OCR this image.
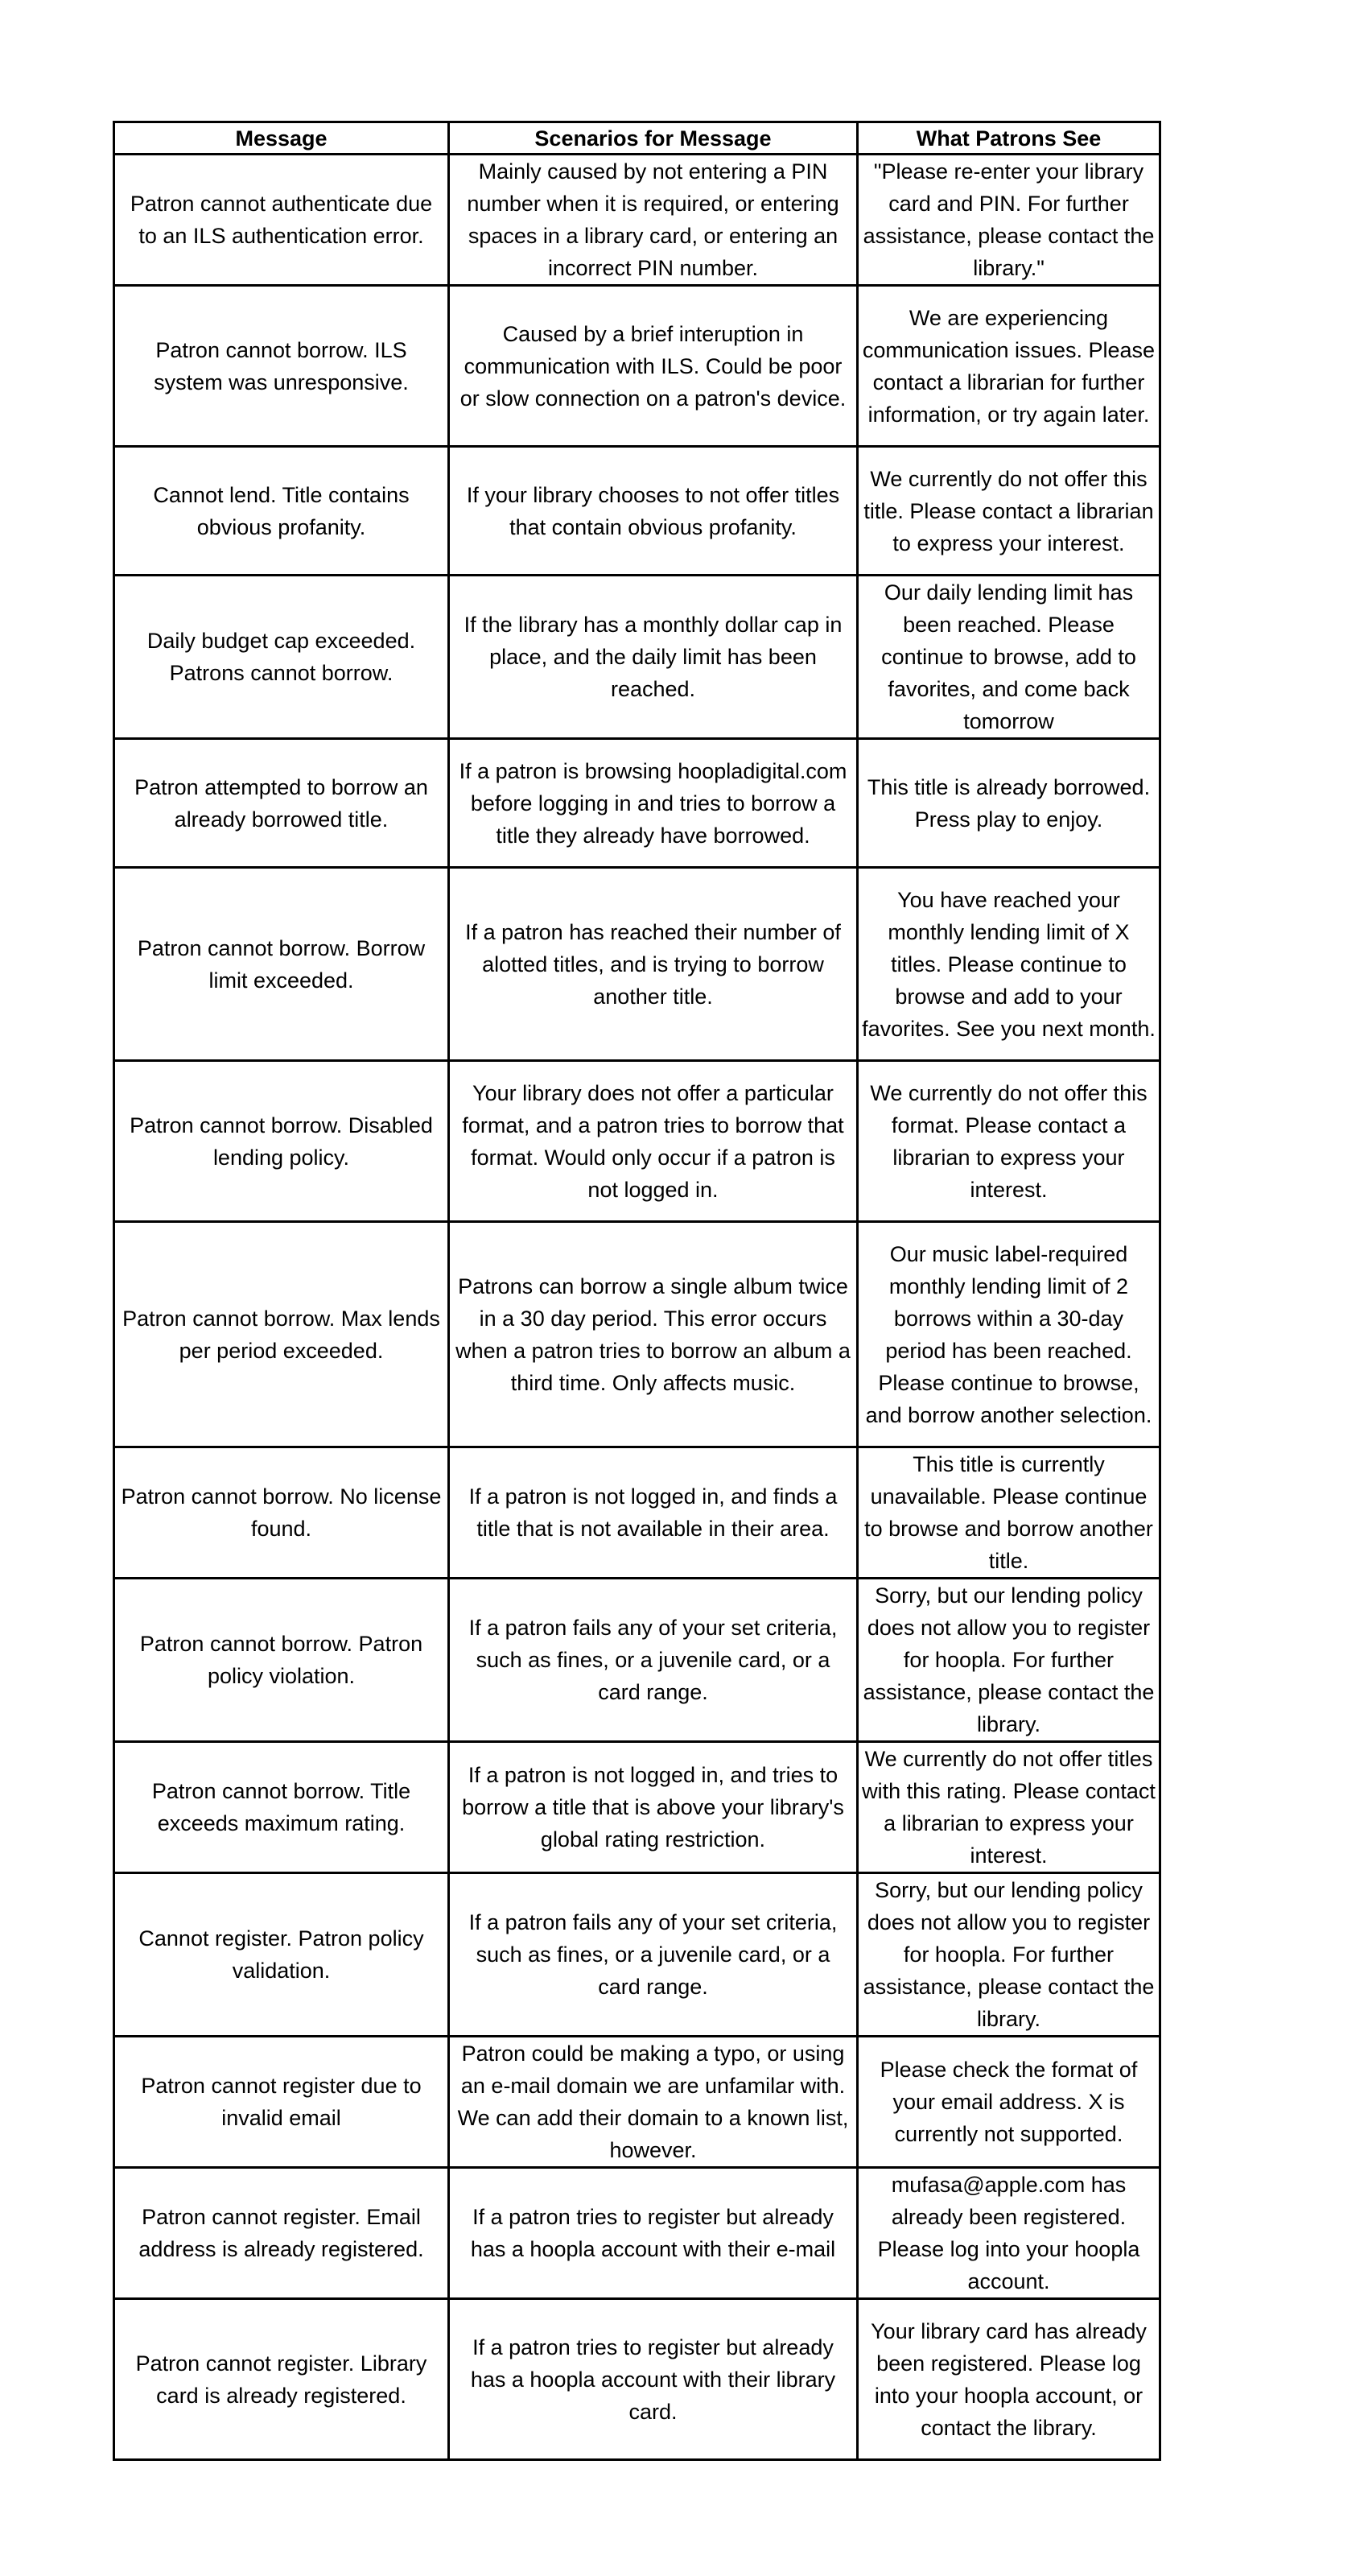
Message	Scenarios for Message	What Patrons See
Patron cannot authenticate due to an ILS authentication error.	Mainly caused by not entering a PIN number when it is required, or entering spaces in a library card, or entering an incorrect PIN number.	"Please re-enter your library card and PIN. For further assistance, please contact the library."
Patron cannot borrow. ILS system was unresponsive.	Caused by a brief interuption in communication with ILS. Could be poor or slow connection on a patron's device.	We are experiencing communication issues. Please contact a librarian for further information, or try again later.
Cannot lend. Title contains obvious profanity.	If your library chooses to not offer titles that contain obvious profanity.	We currently do not offer this title. Please contact a librarian to express your interest.
Daily budget cap exceeded. Patrons cannot borrow.	If the library has a monthly dollar cap in place, and the daily limit has been reached.	Our daily lending limit has been reached. Please continue to browse, add to favorites, and come back tomorrow
Patron attempted to borrow an already borrowed title.	If a patron is browsing hoopladigital.com before logging in and tries to borrow a title they already have borrowed.	This title is already borrowed. Press play to enjoy.
Patron cannot borrow. Borrow limit exceeded.	If a patron has reached their number of alotted titles, and is trying to borrow another title.	You have reached your monthly lending limit of X titles. Please continue to browse and add to your favorites. See you next month.
Patron cannot borrow. Disabled lending policy.	Your library does not offer a particular format, and a patron tries to borrow that format. Would only occur if a patron is not logged in.	We currently do not offer this format. Please contact a librarian to express your interest.
Patron cannot borrow. Max lends per period exceeded.	Patrons can borrow a single album twice in a 30 day period. This error occurs when a patron tries to borrow an album a third time. Only affects music.	Our music label-required monthly lending limit of 2 borrows within a 30-day period has been reached. Please continue to browse, and borrow another selection.
Patron cannot borrow. No license found.	If a patron is not logged in, and finds a title that is not available in their area.	This title is currently unavailable. Please continue to browse and borrow another title.
Patron cannot borrow. Patron policy violation.	If a patron fails any of your set criteria, such as fines, or a juvenile card, or a card range.	Sorry, but our lending policy does not allow you to register for hoopla. For further assistance, please contact the library.
Patron cannot borrow. Title exceeds maximum rating.	If a patron is not logged in, and tries to borrow a title that is above your library's global rating restriction.	We currently do not offer titles with this rating. Please contact a librarian to express your interest.
Cannot register. Patron policy validation.	If a patron fails any of your set criteria, such as fines, or a juvenile card, or a card range.	Sorry, but our lending policy does not allow you to register for hoopla. For further assistance, please contact the library.
Patron cannot register due to invalid email	Patron could be making a typo, or using an e-mail domain we are unfamilar with. We can add their domain to a known list, however.	Please check the format of your email address. X is currently not supported.
Patron cannot register. Email address is already registered.	If a patron tries to register but already has a hoopla account with their e-mail	mufasa@apple.com has already been registered. Please log into your hoopla account.
Patron cannot register. Library card is already registered.	If a patron tries to register but already has a hoopla account with their library card.	Your library card has already been registered. Please log into your hoopla account, or contact the library.
